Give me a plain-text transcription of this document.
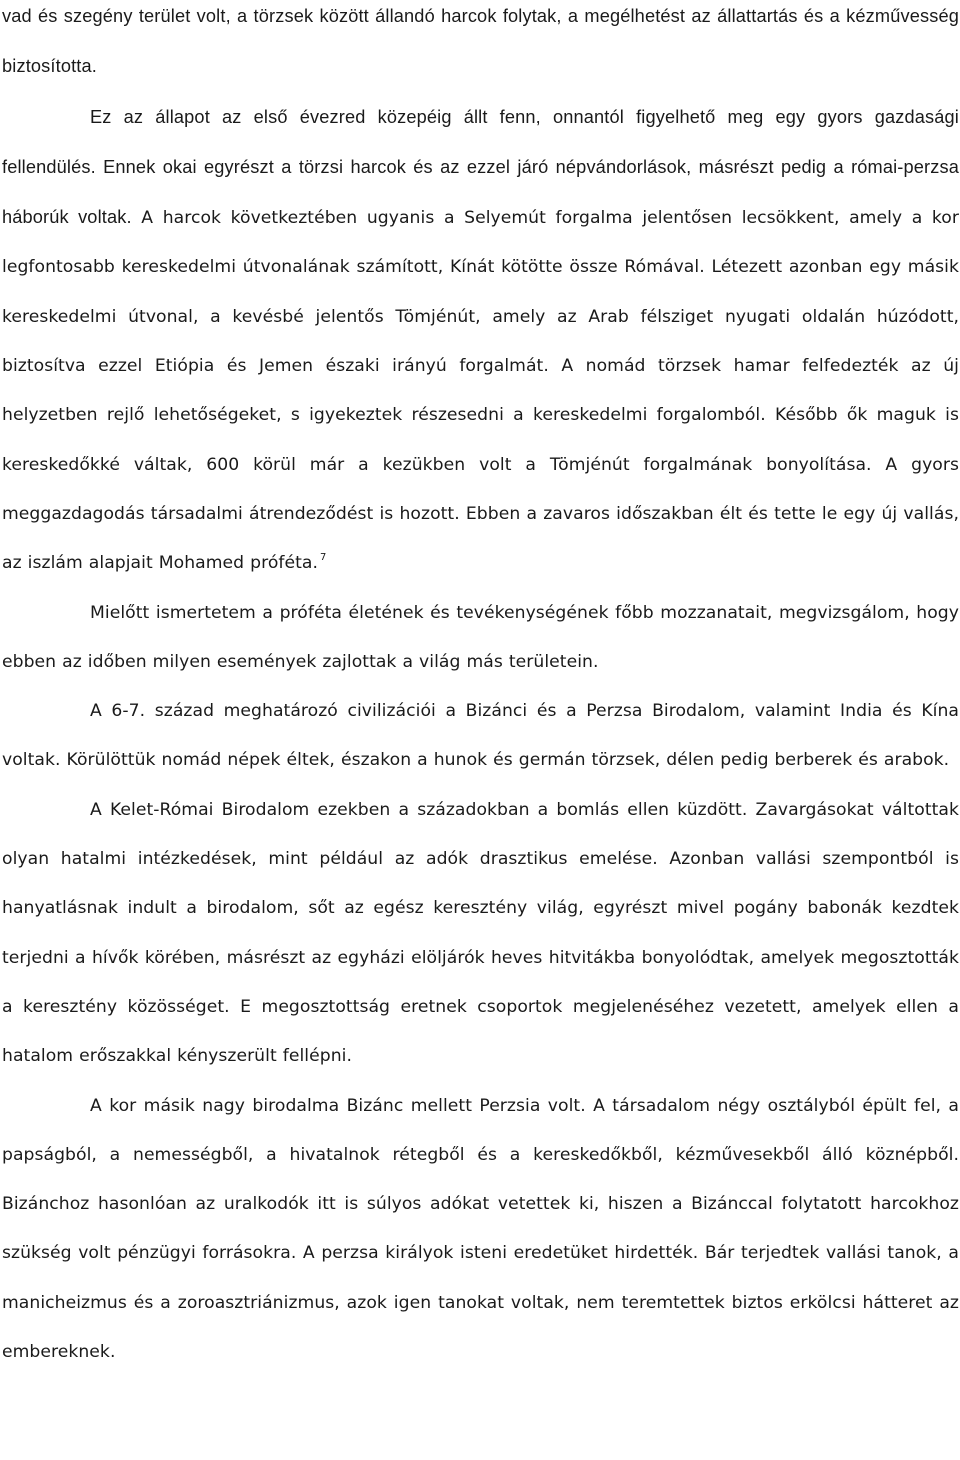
vad és szegény terület volt, a törzsek között állandó harcok folytak, a megélhetést az állattartás és a kézművesség biztosította.

Ez az állapot az első évezred közepéig állt fenn, onnantól figyelhető meg egy gyors gazdasági fellendülés. Ennek okai egyrészt a törzsi harcok és az ezzel járó népvándorlások, másrészt pedig a római-perzsa háborúk voltak. A harcok következtében ugyanis a Selyemút forgalma jelentősen lecsökkent, amely a kor legfontosabb kereskedelmi útvonalának számított, Kínát kötötte össze Rómával. Létezett azonban egy másik kereskedelmi útvonal, a kevésbé jelentős Tömjénút, amely az Arab félsziget nyugati oldalán húzódott, biztosítva ezzel Etiópia és Jemen északi irányú forgalmát. A nomád törzsek hamar felfedezték az új helyzetben rejlő lehetőségeket, s igyekeztek részesedni a kereskedelmi forgalomból. Később ők maguk is kereskedőkké váltak, 600 körül már a kezükben volt a Tömjénút forgalmának bonyolítása. A gyors meggazdagodás társadalmi átrendeződést is hozott. Ebben a zavaros időszakban élt és tette le egy új vallás, az iszlám alapjait Mohamed próféta. $^7$

Mielőtt ismertetem a próféta életének és tevékenységének főbb mozzanatait, megvizsgálom, hogy ebben az időben milyen események zajlottak a világ más területein.

A 6-7. század meghatározó civilizációi a Bizánci és a Perzsa Birodalom, valamint India és Kína voltak. Körülöttük nomád népek éltek, északon a hunok és germán törzsek, délen pedig berberek és arabok.

A Kelet-Római Birodalom ezekben a századokban a bomlás ellen küzdött. Zavargásokat váltottak olyan hatalmi intézkedések, mint például az adók drasztikus emelése. Azonban vallási szempontból is hanyatlásnak indult a birodalom, sőt az egész keresztény világ, egyrészt mivel pogány babonák kezdtek terjedni a hívők körében, másrészt az egyházi elöljárók heves hitvitákba bonyolódtak, amelyek megosztották a keresztény közösséget. E megosztottság eretnek csoportok megjelenéséhez vezetett, amelyek ellen a hatalom erőszakkal kényszerült fellépni.

A kor másik nagy birodalma Bizánc mellett Perzsia volt. A társadalom négy osztályból épült fel, a papságból, a nemességből, a hivatalnok rétegből és a kereskedőkből, kézművesekből álló köznépből. Bizánchoz hasonlóan az uralkodók itt is súlyos adókat vetettek ki, hiszen a Bizánccal folytatott harcokhoz szükség volt pénzügyi forrásokra. A perzsa királyok isteni eredetüket hirdették. Bár terjedtek vallási tanok, a manicheizmus és a zoroasztriánizmus, azok igen tanokat voltak, nem teremtettek biztos erkölcsi hátteret az embereknek.
